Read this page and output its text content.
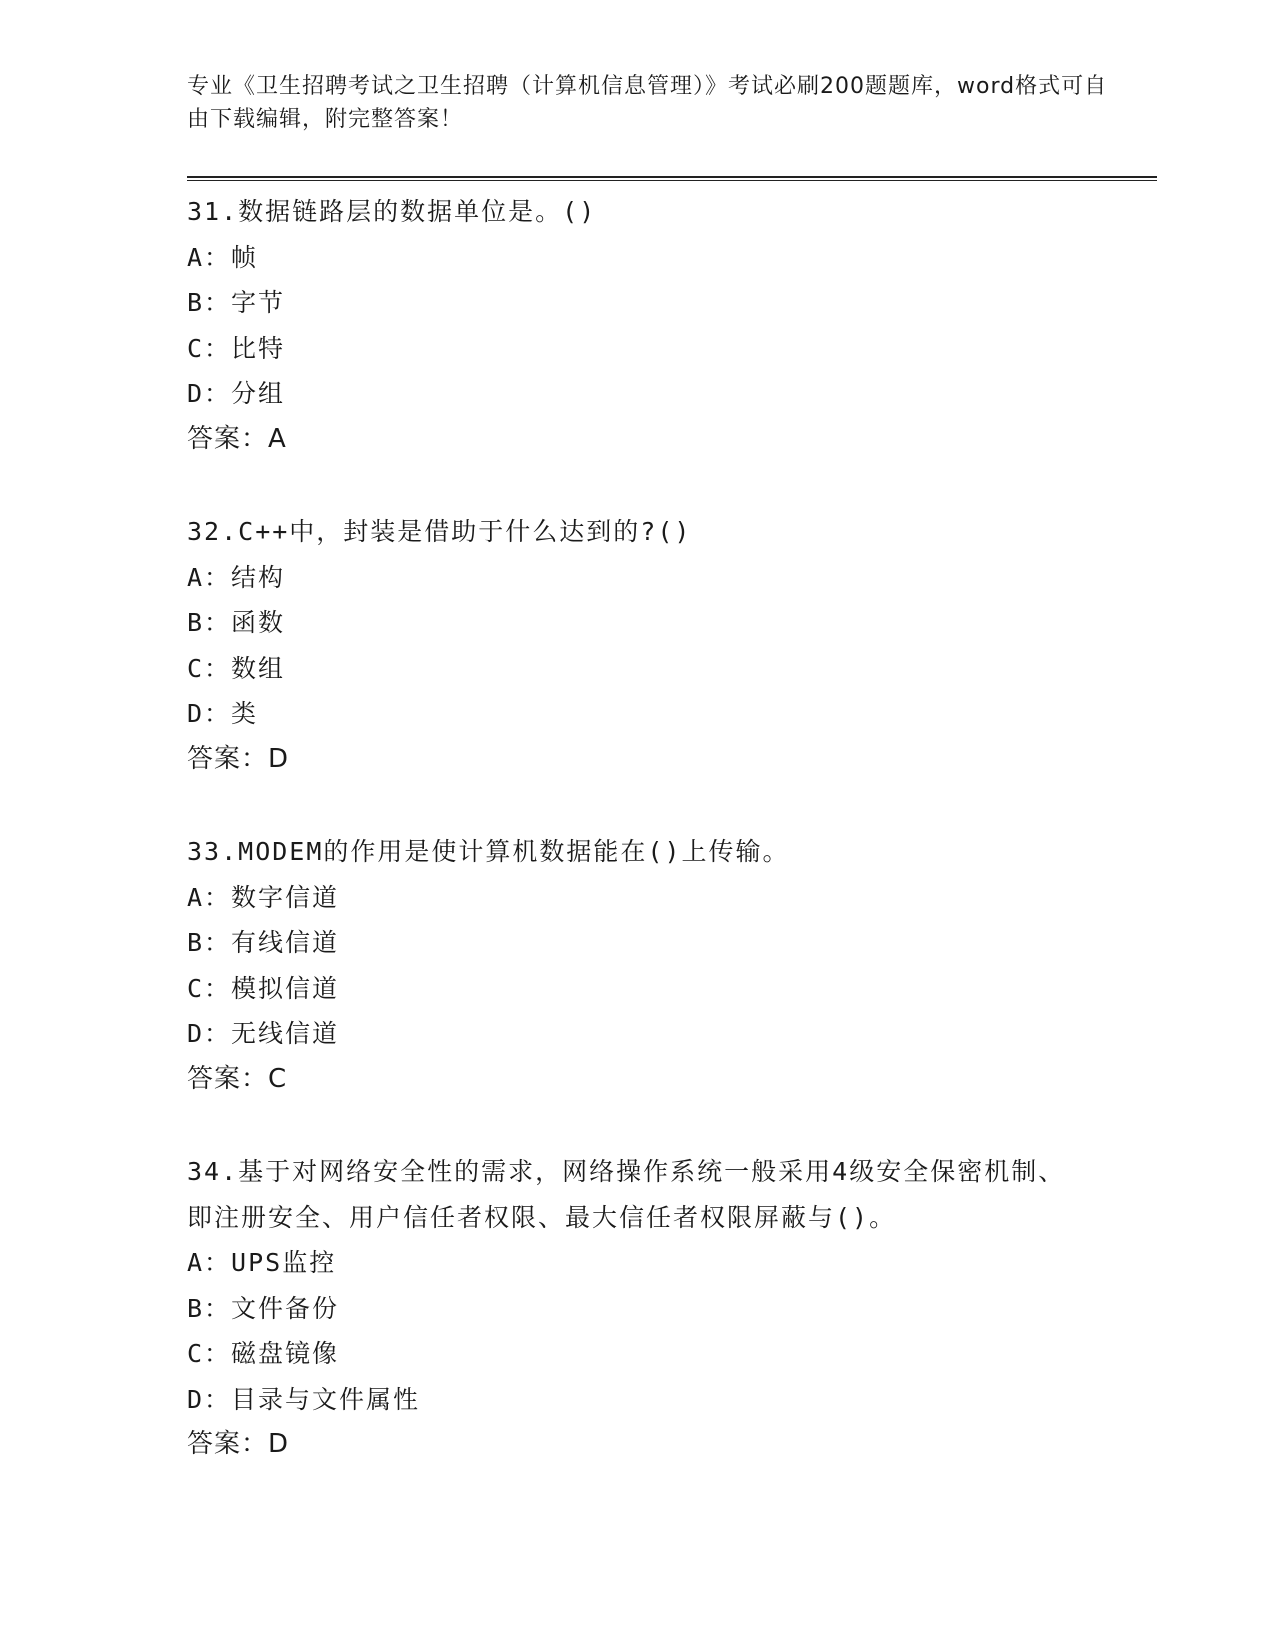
专业《卫生招聘考试之卫生招聘（计算机信息管理）》考试必刷200题题库，word格式可自由下载编辑，附完整答案！
31.数据链路层的数据单位是。()
A：帧
B：字节
C：比特
D：分组
答案：A
32.C++中，封装是借助于什么达到的?()
A：结构
B：函数
C：数组
D：类
答案：D
33.MODEM的作用是使计算机数据能在()上传输。
A：数字信道
B：有线信道
C：模拟信道
D：无线信道
答案：C
34.基于对网络安全性的需求，网络操作系统一般采用4级安全保密机制、即注册安全、用户信任者权限、最大信任者权限屏蔽与()。
A：UPS监控
B：文件备份
C：磁盘镜像
D：目录与文件属性
答案：D
